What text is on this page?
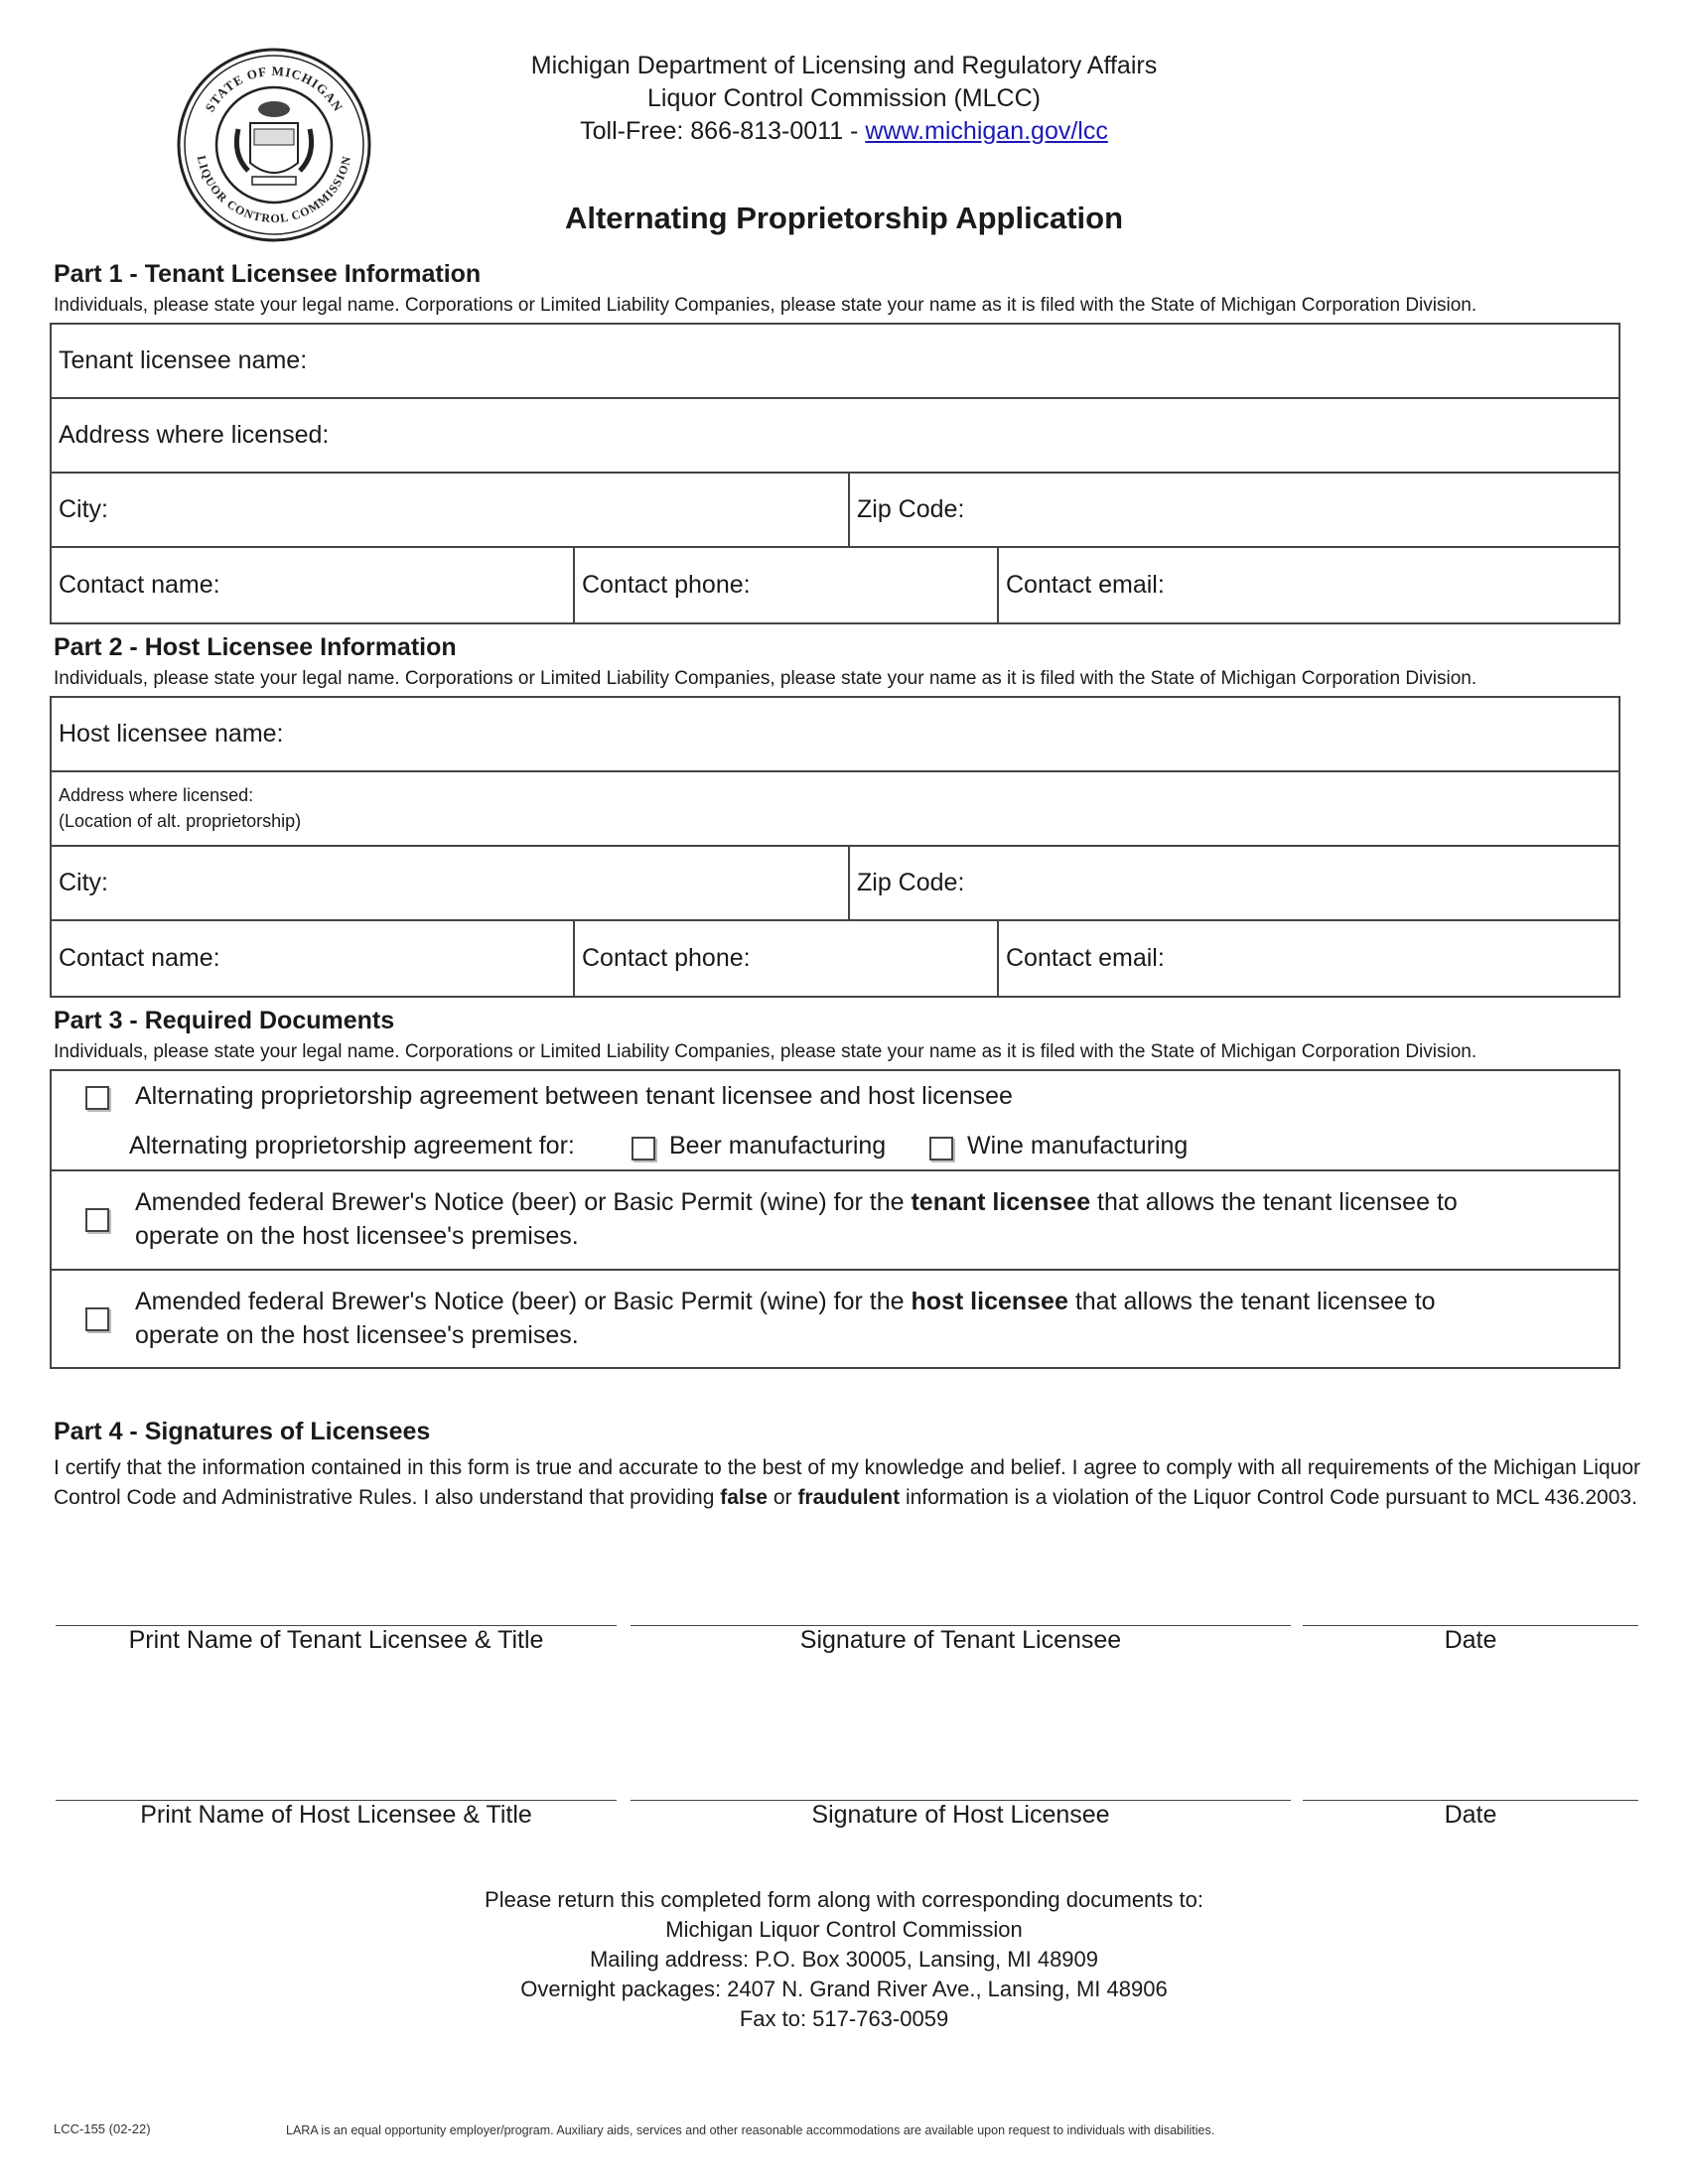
STATE OF MICHIGAN
LIQUOR CONTROL COMMISSION
Michigan Department of Licensing and Regulatory Affairs
Liquor Control Commission (MLCC)
Toll-Free: 866-813-0011 - www.michigan.gov/lcc
Alternating Proprietorship Application
Part 1 - Tenant Licensee Information
Individuals, please state your legal name. Corporations or Limited Liability Companies, please state your name as it is filed with the State of Michigan Corporation Division.
Tenant licensee name:
Address where licensed:
City:	Zip Code:
Contact name:	Contact phone:	Contact email:
Part 2 - Host Licensee Information
Individuals, please state your legal name. Corporations or Limited Liability Companies, please state your name as it is filed with the State of Michigan Corporation Division.
Host licensee name:
Address where licensed:
(Location of alt. proprietorship)
City:	Zip Code:
Contact name:	Contact phone:	Contact email:
Part 3 - Required Documents
Individuals, please state your legal name. Corporations or Limited Liability Companies, please state your name as it is filed with the State of Michigan Corporation Division.
Alternating proprietorship agreement between tenant licensee and host licensee
Alternating proprietorship agreement for:	Beer manufacturing	Wine manufacturing
Amended federal Brewer's Notice (beer) or Basic Permit (wine) for the tenant licensee that allows the tenant licensee to
operate on the host licensee's premises.
Amended federal Brewer's Notice (beer) or Basic Permit (wine) for the host licensee that allows the tenant licensee to
operate on the host licensee's premises.
Part 4 - Signatures of Licensees
I certify that the information contained in this form is true and accurate to the best of my knowledge and belief. I agree to comply with all requirements of the Michigan Liquor Control Code and Administrative Rules. I also understand that providing false or fraudulent information is a violation of the Liquor Control Code pursuant to MCL 436.2003.
Print Name of Tenant Licensee & Title	Signature of Tenant Licensee	Date
Print Name of Host Licensee & Title	Signature of Host Licensee	Date
Please return this completed form along with corresponding documents to:
Michigan Liquor Control Commission
Mailing address: P.O. Box 30005, Lansing, MI 48909
Overnight packages: 2407 N. Grand River Ave., Lansing, MI 48906
Fax to: 517-763-0059
LCC-155 (02-22)	LARA is an equal opportunity employer/program. Auxiliary aids, services and other reasonable accommodations are available upon request to individuals with disabilities.
